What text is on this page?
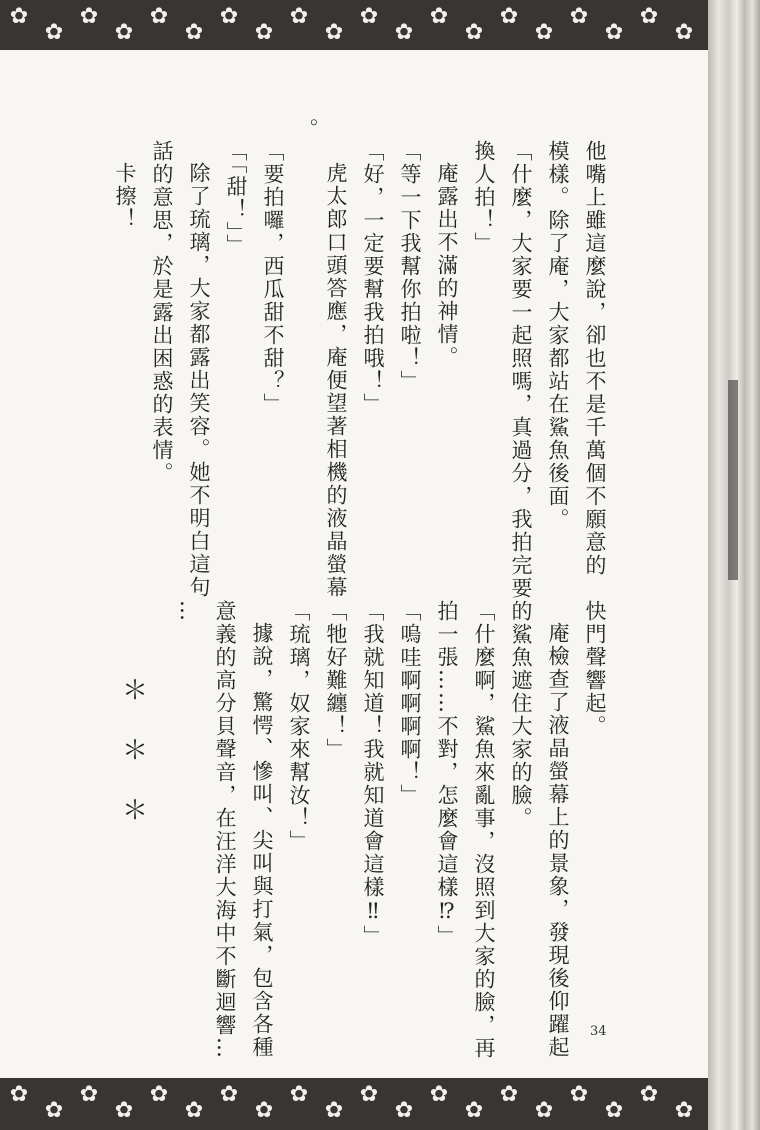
✿
✿
✿
✿
✿
✿
✿
✿
✿
✿
✿
✿
✿
✿
✿
✿
✿
✿
✿
✿
✿
✿
✿
✿
✿
✿
✿
✿
✿
✿
✿
✿
✿
✿
✿
✿
✿
✿
✿
✿
他嘴上雖這麼說，卻也不是千萬個不願意的
模樣。除了庵，大家都站在鯊魚後面。
「什麼，大家要一起照嗎，真過分，我拍完要
換人拍！」
庵露出不滿的神情。
「等一下我幫你拍啦！」
「好，一定要幫我拍哦！」
虎太郎口頭答應，庵便望著相機的液晶螢幕
。
「要拍囉，西瓜甜不甜？」
「「甜！」」
除了琉璃，大家都露出笑容。她不明白這句
話的意思，於是露出困惑的表情。
卡擦！
快門聲響起。
庵檢查了液晶螢幕上的景象，發現後仰躍起
的鯊魚遮住大家的臉。
「什麼啊，鯊魚來亂事，沒照到大家的臉，再
拍一張……不對，怎麼會這樣⁉」
「嗚哇啊啊啊啊！」
「我就知道！我就知道會這樣‼」
「牠好難纏！」
「琉璃，奴家來幫汝！」
據說，驚愕、慘叫、尖叫與打氣，包含各種
意義的高分貝聲音，在汪洋大海中不斷迴響…
…
＊
＊
＊
34
